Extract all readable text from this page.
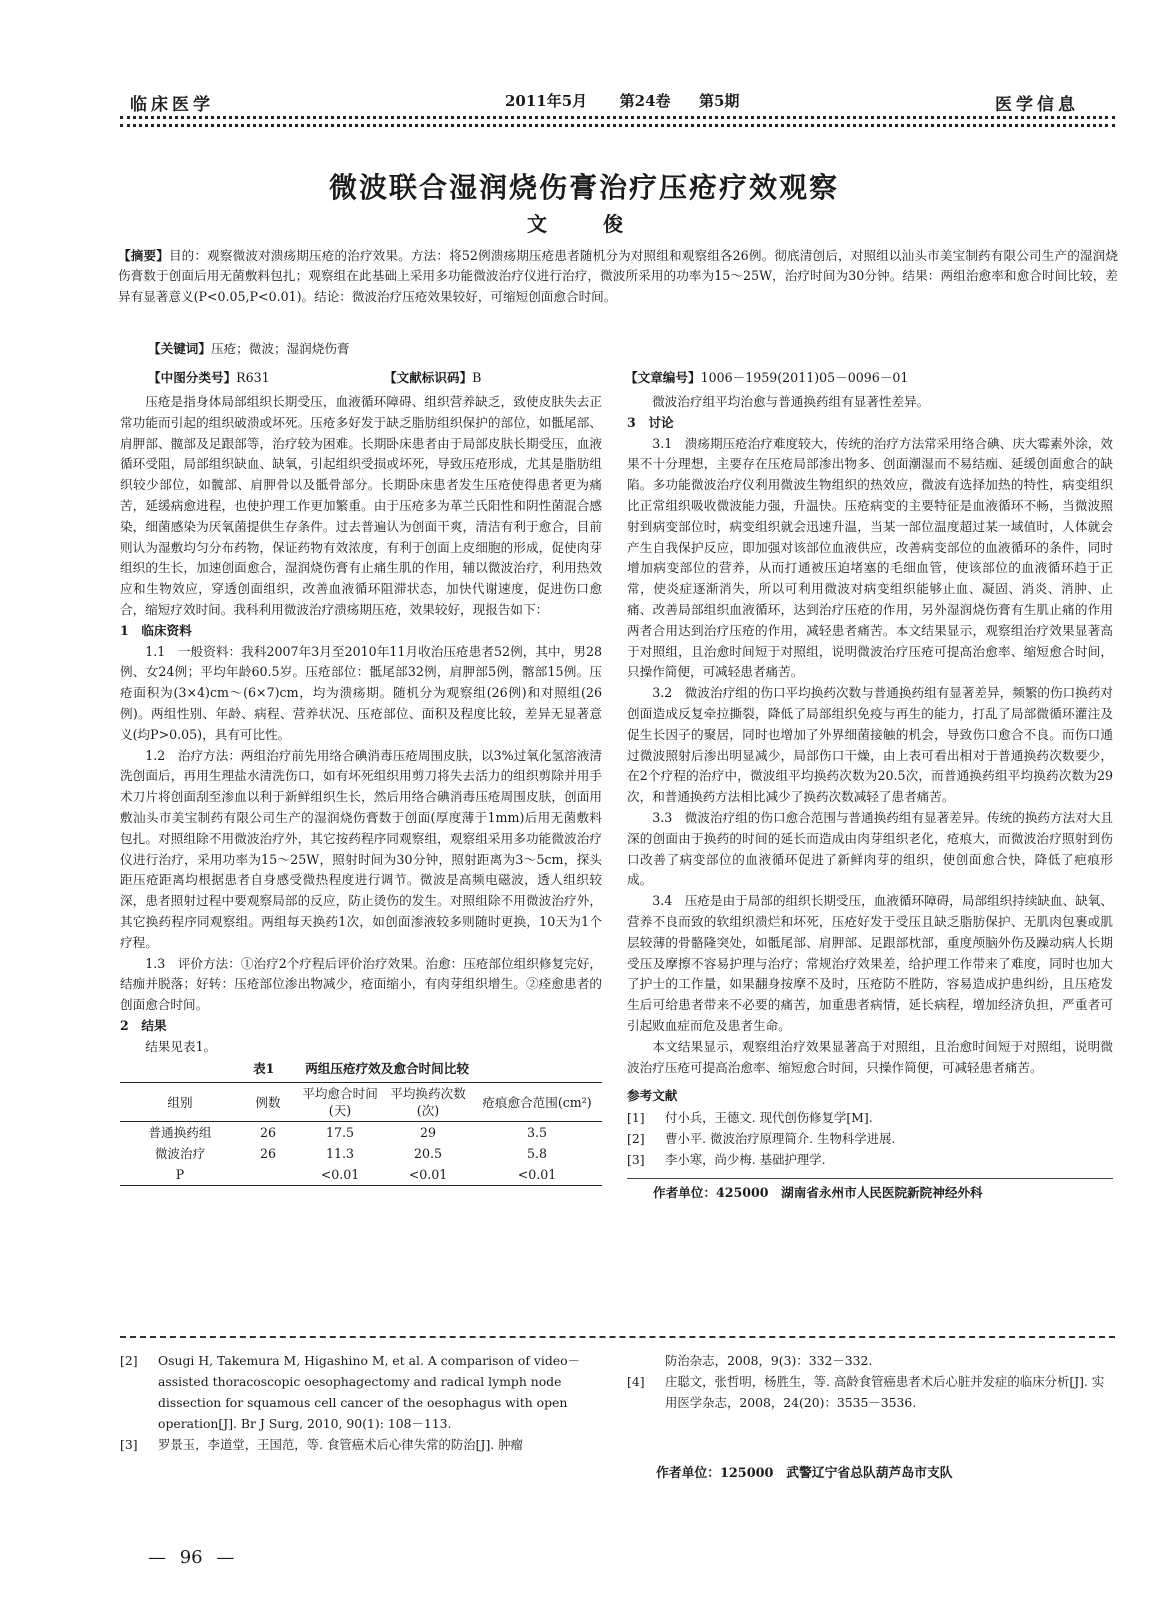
临床医学	2011年5月 第24卷 第5期	医学信息
微波联合湿润烧伤膏治疗压疮疗效观察
文　俊
【摘要】目的：观察微波对溃疡期压疮的治疗效果。方法：将52例溃疡期压疮患者随机分为对照组和观察组各26例。彻底清创后，对照组以汕头市美宝制药有限公司生产的湿润烧伤膏数于创面后用无菌敷料包扎；观察组在此基础上采用多功能微波治疗仪进行治疗，微波所采用的功率为15～25W，治疗时间为30分钟。结果：两组治愈率和愈合时间比较，差异有显著意义(P<0.05,P<0.01)。结论：微波治疗压疮效果较好，可缩短创面愈合时间。
【关键词】压疮；微波；湿润烧伤膏
【中图分类号】R631	【文献标识码】B	【文章编号】1006－1959(2011)05－0096－01

压疮是指身体局部组织长期受压，血液循环障碍、组织营养缺乏，致使皮肤失去正常功能而引起的组织破溃或坏死。压疮多好发于缺乏脂肪组织保护的部位，如骶尾部、肩胛部、髋部及足跟部等，治疗较为困难。长期卧床患者由于局部皮肤长期受压，血液循环受阻，局部组织缺血、缺氧，引起组织受损或坏死，导致压疮形成，尤其是脂肪组织较少部位，如髋部、肩胛骨以及骶骨部分。长期卧床患者发生压疮使得患者更为痛苦，延缓病愈进程，也使护理工作更加繁重。由于压疮多为革兰氏阳性和阴性菌混合感染，细菌感染为厌氧菌提供生存条件。过去普遍认为创面干爽，清洁有利于愈合，目前则认为湿敷均匀分布药物，保证药物有效浓度，有利于创面上皮细胞的形成，促使肉芽组织的生长，加速创面愈合，湿润烧伤膏有止痛生肌的作用，辅以微波治疗，利用热效应和生物效应，穿透创面组织，改善血液循环阻滞状态，加快代谢速度，促进伤口愈合，缩短疗效时间。我科利用微波治疗溃疡期压疮，效果较好，现报告如下：

1　临床资料

1.1　一般资料：我科2007年3月至2010年11月收治压疮患者52例，其中，男28例、女24例；平均年龄60.5岁。压疮部位：骶尾部32例，肩胛部5例，髂部15例。压疮面积为(3×4)cm～(6×7)cm，均为溃疡期。随机分为观察组(26例)和对照组(26例)。两组性别、年龄、病程、营养状况、压疮部位、面积及程度比较，差异无显著意义(均P>0.05)，具有可比性。

1.2　治疗方法：两组治疗前先用络合碘消毒压疮周围皮肤，以3%过氧化氢溶液清洗创面后，再用生理盐水清洗伤口，如有坏死组织用剪刀将失去活力的组织剪除并用手术刀片将创面刮至渗血以利于新鲜组织生长，然后用络合碘消毒压疮周围皮肤，创面用敷汕头市美宝制药有限公司生产的湿润烧伤膏数于创面(厚度薄于1mm)后用无菌敷料包扎。对照组除不用微波治疗外，其它按药程序同观察组，观察组采用多功能微波治疗仪进行治疗，采用功率为15～25W，照射时间为30分钟，照射距离为3～5cm，探头距压疮距离均根据患者自身感受微热程度进行调节。微波是高频电磁波，透人组织较深，患者照射过程中要观察局部的反应，防止烫伤的发生。对照组除不用微波治疗外，其它换药程序同观察组。两组每天换药1次，如创面渗液较多则随时更换，10天为1个疗程。

1.3　评价方法：①治疗2个疗程后评价治疗效果。治愈：压疮部位组织修复完好，结痂并脱落；好转：压疮部位渗出物减少，疮面缩小，有肉芽组织增生。②痊愈患者的创面愈合时间。

2　结果

结果见表1。

表1 两组压疮疗效及愈合时间比较
组别	例数	平均愈合时间(天)	平均换药次数(次)	疮痕愈合范围(cm²)
普通换药组	26	17.5	29	3.5
微波治疗	26	11.3	20.5	5.8
P		<0.01	<0.01	<0.01

微波治疗组平均治愈与普通换药组有显著性差异。

3　讨论

3.1　溃疡期压疮治疗难度较大，传统的治疗方法常采用络合碘、庆大霉素外涂，效果不十分理想，主要存在压疮局部渗出物多、创面潮湿而不易结痂、延缓创面愈合的缺陷。多功能微波治疗仪利用微波生物组织的热效应，微波有选择加热的特性，病变组织比正常组织吸收微波能力强，升温快。压疮病变的主要特征是血液循环不畅，当微波照射到病变部位时，病变组织就会迅速升温，当某一部位温度超过某一域值时，人体就会产生自我保护反应，即加强对该部位血液供应，改善病变部位的血液循环的条件，同时增加病变部位的营养，从而打通被压迫堵塞的毛细血管，使该部位的血液循环趋于正常，使炎症逐渐消失，所以可利用微波对病变组织能够止血、凝固、消炎、消肿、止痛、改善局部组织血液循环，达到治疗压疮的作用，另外湿润烧伤膏有生肌止痛的作用两者合用达到治疗压疮的作用，减轻患者痛苦。本文结果显示，观察组治疗效果显著高于对照组，且治愈时间短于对照组，说明微波治疗压疮可提高治愈率、缩短愈合时间，只操作简便，可减轻患者痛苦。

3.2　微波治疗组的伤口平均换药次数与普通换药组有显著差异，频繁的伤口换药对创面造成反复牵拉撕裂，降低了局部组织免疫与再生的能力，打乱了局部微循环灌注及促生长因子的聚居，同时也增加了外界细菌接触的机会，导致伤口愈合不良。而伤口通过微波照射后渗出明显减少，局部伤口干燥，由上表可看出相对于普通换药次数要少，在2个疗程的治疗中，微波组平均换药次数为20.5次，而普通换药组平均换药次数为29次，和普通换药方法相比减少了换药次数减轻了患者痛苦。

3.3　微波治疗组的伤口愈合范围与普通换药组有显著差异。传统的换药方法对大且深的创面由于换药的时间的延长而造成由肉芽组织老化，疮痕大，而微波治疗照射到伤口改善了病变部位的血液循环促进了新鲜肉芽的组织，使创面愈合快，降低了疤痕形成。

3.4　压疮是由于局部的组织长期受压，血液循环障碍，局部组织持续缺血、缺氧、营养不良而致的软组织溃烂和坏死，压疮好发于受压且缺乏脂肪保护、无肌肉包裹或肌层较薄的骨骼隆突处，如骶尾部、肩胛部、足跟部枕部，重度颅脑外伤及躁动病人长期受压及摩擦不容易护理与治疗；常规治疗效果差，给护理工作带来了难度，同时也加大了护士的工作量，如果翻身按摩不及时，压疮防不胜防，容易造成护患纠纷，且压疮发生后可给患者带来不必要的痛苦，加重患者病情，延长病程，增加经济负担，严重者可引起败血症而危及患者生命。

本文结果显示，观察组治疗效果显著高于对照组，且治愈时间短于对照组，说明微波治疗压疮可提高治愈率、缩短愈合时间，只操作简便，可减轻患者痛苦。

参考文献
[1]	付小兵，王德文. 现代创伤修复学[M].
[2]	曹小平. 微波治疗原理简介. 生物科学进展.
[3]	李小寒，尚少梅. 基础护理学.
作者单位：425000　湖南省永州市人民医院新院神经外科
[2]	Osugi H, Takemura M, Higashino M, et al. A comparison of video－assisted thoracoscopic oesophagectomy and radical lymph node dissection for squamous cell cancer of the oesophagus with open operation[J]. Br J Surg, 2010, 90(1): 108－113.
[3]	罗景玉，李道堂，王国范，等. 食管癌术后心律失常的防治[J]. 肿瘤
防治杂志，2008，9(3)：332－332.
[4]	庄聪文，张哲明，杨胜生，等. 高龄食管癌患者术后心脏并发症的临床分析[J]. 实用医学杂志，2008，24(20)：3535－3536.
作者单位：125000　武警辽宁省总队葫芦岛市支队
— 96 —
